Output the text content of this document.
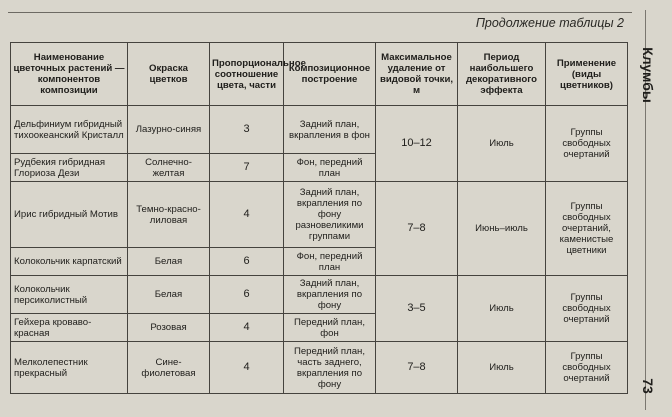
Продолжение таблицы 2
Клумбы
73
Наименование цветочных растений — компонентов композиции	Окраска цветков	Пропорциональное соотношение цвета, части	Композиционное построение	Максимальное удаление от видовой точки, м	Период наибольшего декоративного эффекта	Применение (виды цветников)
Дельфиниум гибридный тихоокеанский Кристалл	Лазурно-синяя	3	Задний план, вкрапления в фон	10–12	Июль	Группы свободных очертаний
Рудбекия гибридная Глориоза Дези	Солнечно-желтая	7	Фон, передний план			
Ирис гибридный Мотив	Темно-красно-лиловая	4	Задний план, вкрапления по фону разновеликими группами	7–8	Июнь–июль	Группы свободных очертаний, каменистые цветники
Колокольчик карпатский	Белая	6	Фон, передний план			
Колокольчик персиколистный	Белая	6	Задний план, вкрапления по фону	3–5	Июль	Группы свободных очертаний
Гейхера кроваво-красная	Розовая	4	Передний план, фон			
Мелколепестник прекрасный	Сине-фиолетовая	4	Передний план, часть заднего, вкрапления по фону	7–8	Июль	Группы свободных очертаний
